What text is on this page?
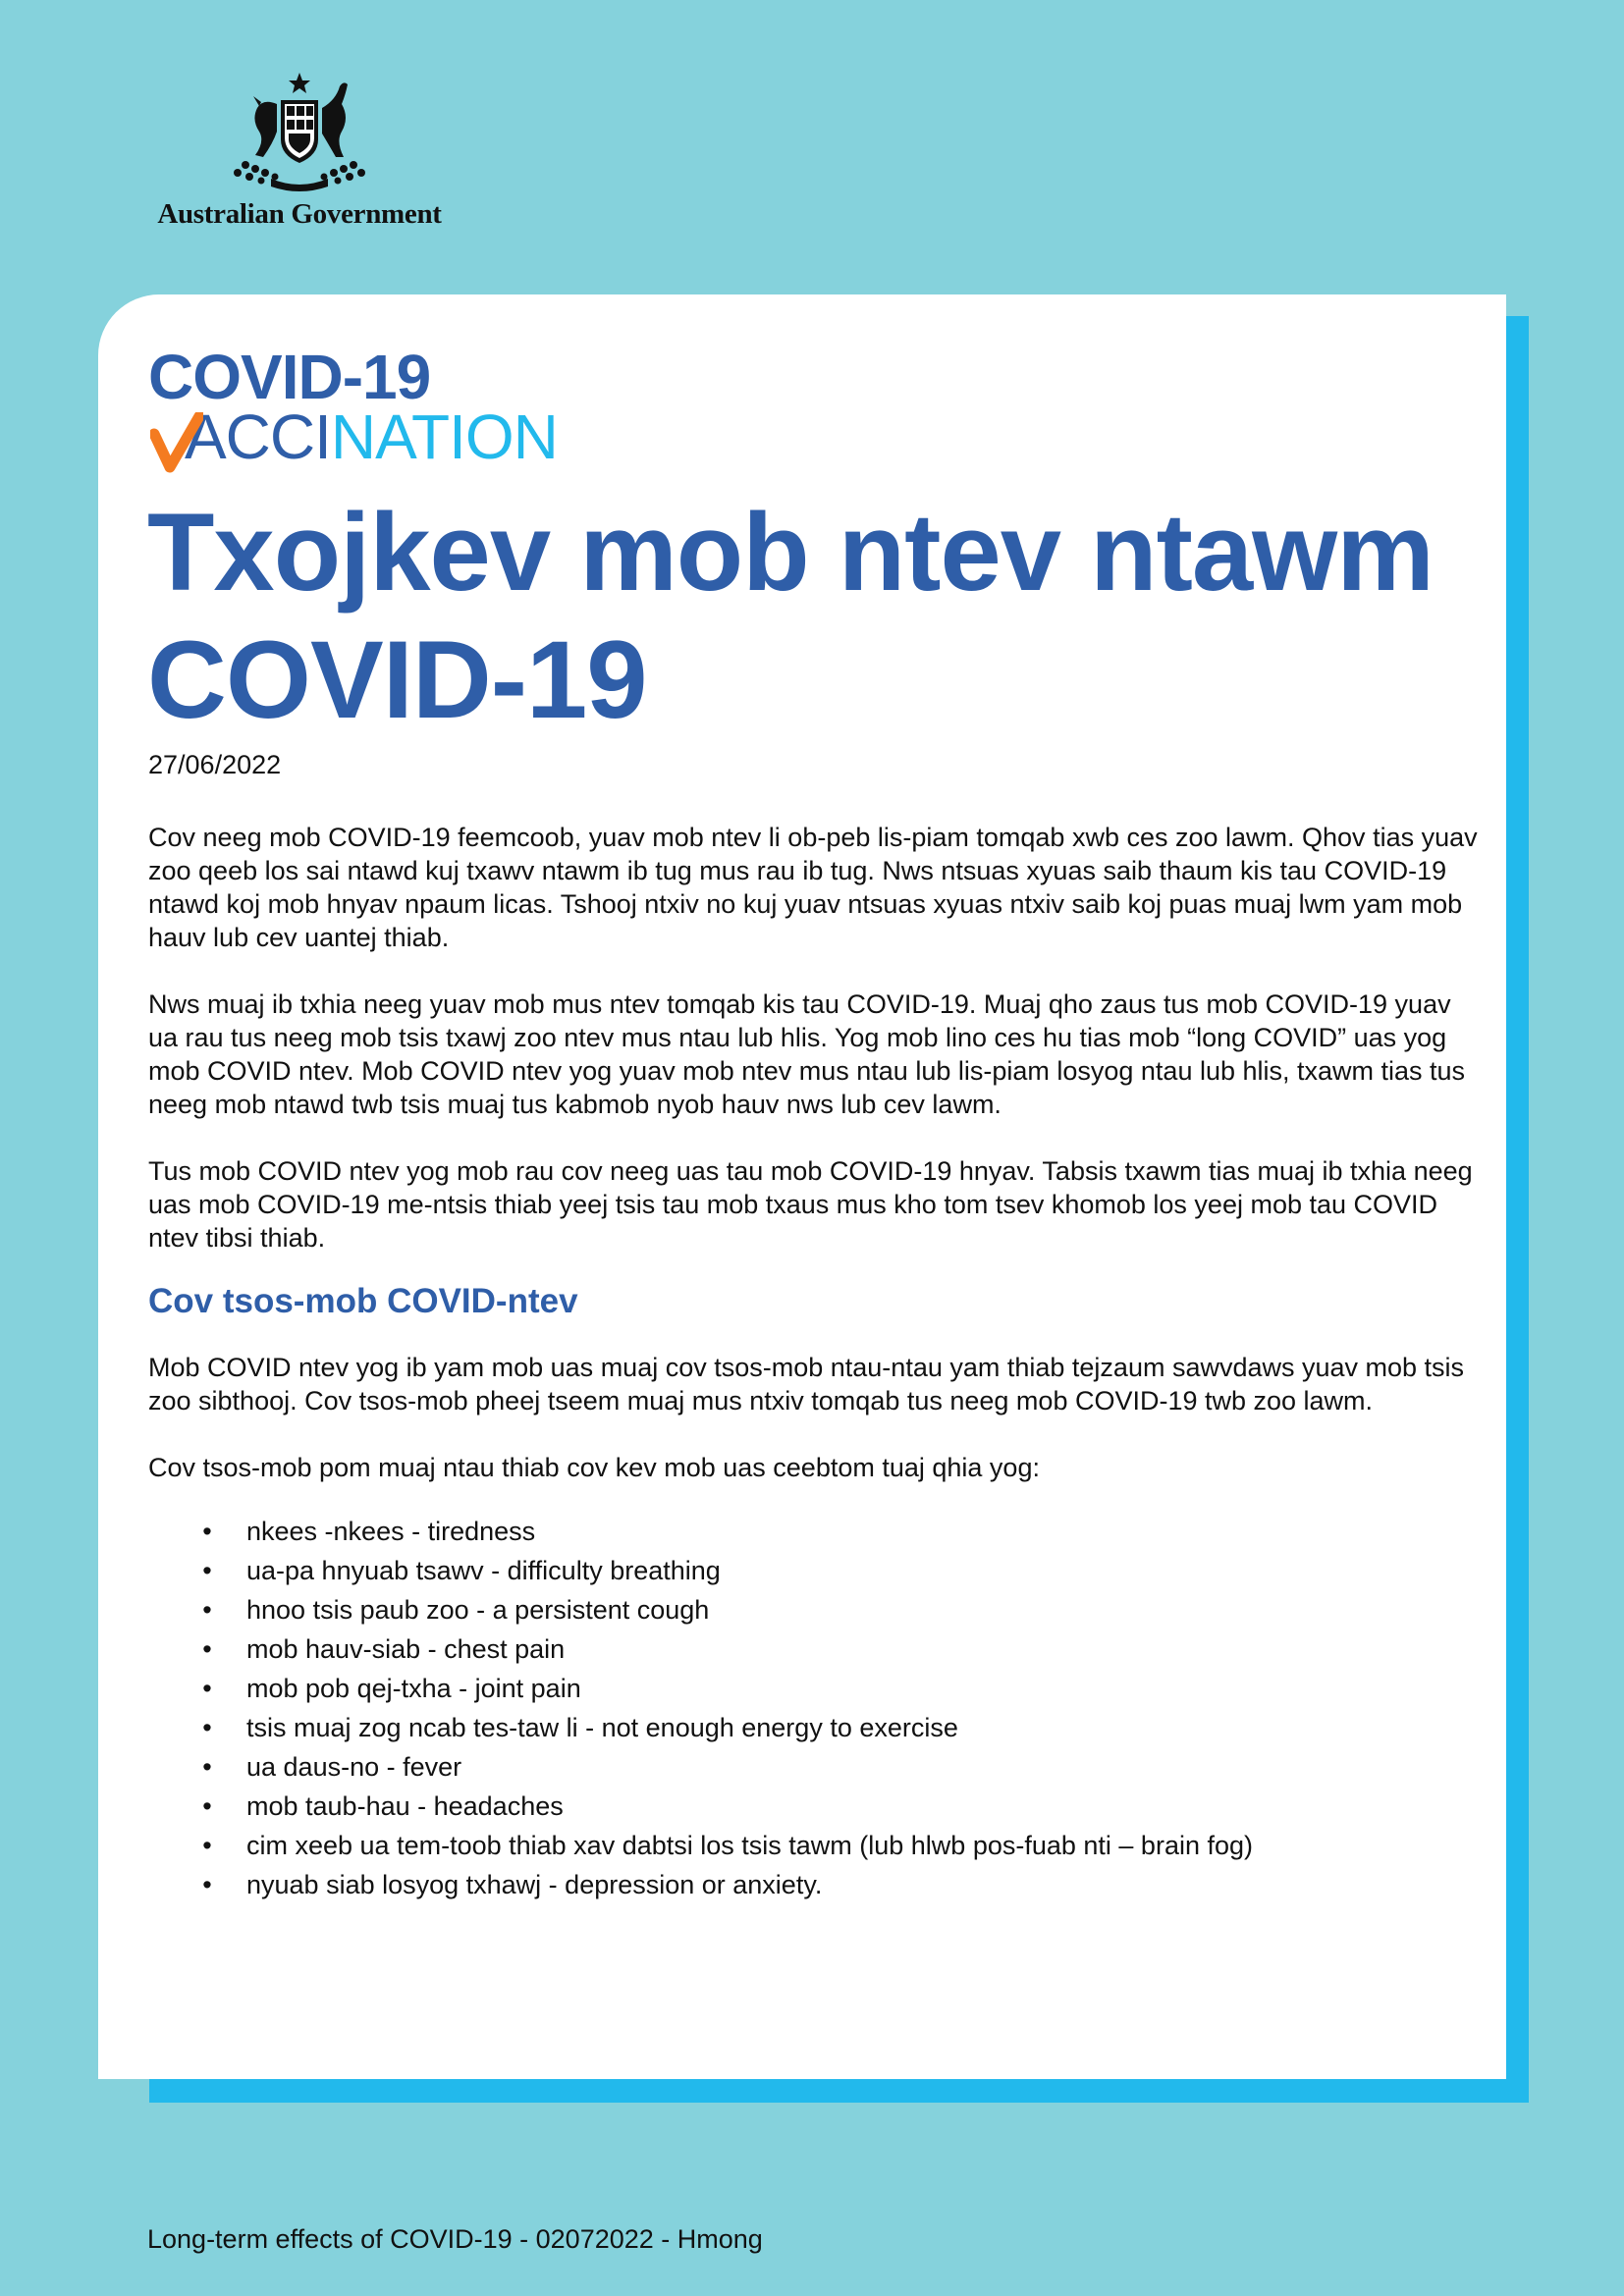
Australian Government
COVID-19
ACCINATION
Txojkev mob ntev ntawm COVID-19
27/06/2022

Cov neeg mob COVID-19 feemcoob, yuav mob ntev li ob-peb lis-piam tomqab xwb ces zoo lawm. Qhov tias yuav zoo qeeb los sai ntawd kuj txawv ntawm ib tug mus rau ib tug. Nws ntsuas xyuas saib thaum kis tau COVID-19 ntawd koj mob hnyav npaum licas. Tshooj ntxiv no kuj yuav ntsuas xyuas ntxiv saib koj puas muaj lwm yam mob hauv lub cev uantej thiab.

Nws muaj ib txhia neeg yuav mob mus ntev tomqab kis tau COVID-19. Muaj qho zaus tus mob COVID-19 yuav ua rau tus neeg mob tsis txawj zoo ntev mus ntau lub hlis. Yog mob lino ces hu tias mob “long COVID” uas yog mob COVID ntev. Mob COVID ntev yog yuav mob ntev mus ntau lub lis-piam losyog ntau lub hlis, txawm tias tus neeg mob ntawd twb tsis muaj tus kabmob nyob hauv nws lub cev lawm.

Tus mob COVID ntev yog mob rau cov neeg uas tau mob COVID-19 hnyav. Tabsis txawm tias muaj ib txhia neeg uas mob COVID-19 me-ntsis thiab yeej tsis tau mob txaus mus kho tom tsev khomob los yeej mob tau COVID ntev tibsi thiab.

Cov tsos-mob COVID-ntev

Mob COVID ntev yog ib yam mob uas muaj cov tsos-mob ntau-ntau yam thiab tejzaum sawvdaws yuav mob tsis zoo sibthooj. Cov tsos-mob pheej tseem muaj mus ntxiv tomqab tus neeg mob COVID-19 twb zoo lawm.

Cov tsos-mob pom muaj ntau thiab cov kev mob uas ceebtom tuaj qhia yog:

• nkees -nkees - tiredness
• ua-pa hnyuab tsawv - difficulty breathing
• hnoo tsis paub zoo - a persistent cough
• mob hauv-siab - chest pain
• mob pob qej-txha - joint pain
• tsis muaj zog ncab tes-taw li - not enough energy to exercise
• ua daus-no - fever
• mob taub-hau - headaches
• cim xeeb ua tem-toob thiab xav dabtsi los tsis tawm (lub hlwb pos-fuab nti – brain fog)
• nyuab siab losyog txhawj - depression or anxiety.
Long-term effects of COVID-19 - 02072022 - Hmong
